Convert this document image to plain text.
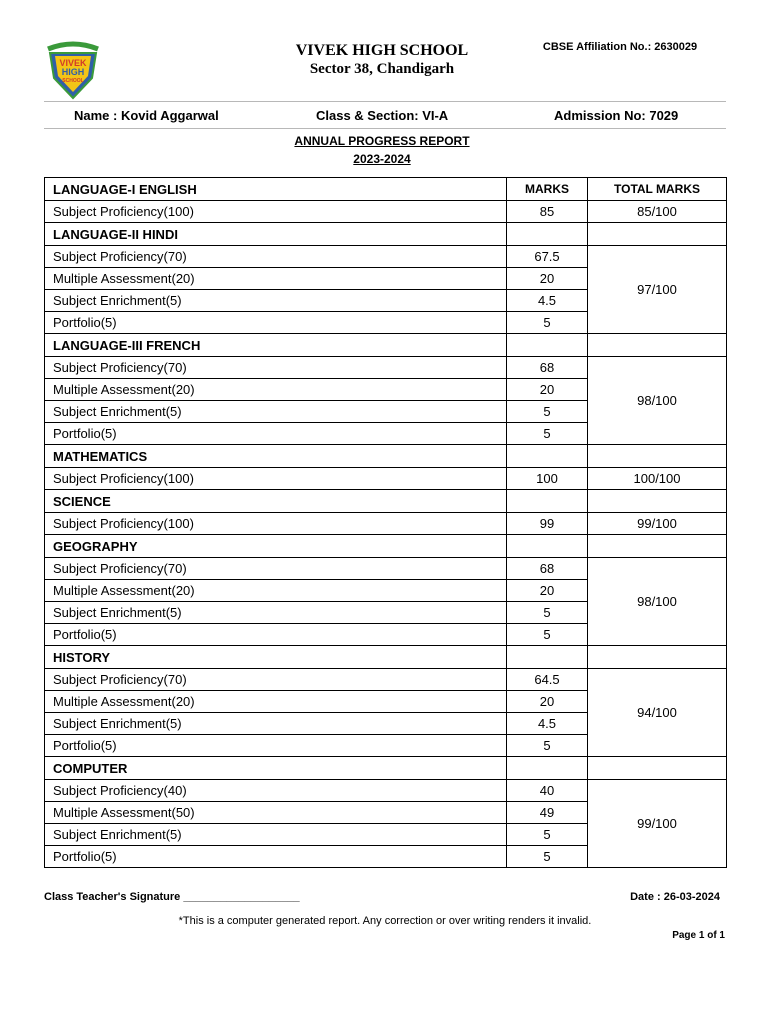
VIVEK
HIGH
SCHOOL
VIVEK HIGH SCHOOL
Sector 38, Chandigarh
CBSE Affiliation No.: 2630029
Name : Kovid Aggarwal	Class & Section: VI-A	Admission No: 7029
ANNUAL PROGRESS REPORT
2023-2024
LANGUAGE-I ENGLISH	MARKS	TOTAL MARKS
Subject Proficiency(100)	85	85/100
LANGUAGE-II HINDI		
Subject Proficiency(70)	67.5	97/100
Multiple Assessment(20)	20	
Subject Enrichment(5)	4.5	
Portfolio(5)	5	
LANGUAGE-III FRENCH		
Subject Proficiency(70)	68	98/100
Multiple Assessment(20)	20	
Subject Enrichment(5)	5	
Portfolio(5)	5	
MATHEMATICS		
Subject Proficiency(100)	100	100/100
SCIENCE		
Subject Proficiency(100)	99	99/100
GEOGRAPHY		
Subject Proficiency(70)	68	98/100
Multiple Assessment(20)	20	
Subject Enrichment(5)	5	
Portfolio(5)	5	
HISTORY		
Subject Proficiency(70)	64.5	94/100
Multiple Assessment(20)	20	
Subject Enrichment(5)	4.5	
Portfolio(5)	5	
COMPUTER		
Subject Proficiency(40)	40	99/100
Multiple Assessment(50)	49	
Subject Enrichment(5)	5	
Portfolio(5)	5	
Class Teacher's Signature ___________________	Date : 26-03-2024
*This is a computer generated report. Any correction or over writing renders it invalid.
Page 1 of 1
